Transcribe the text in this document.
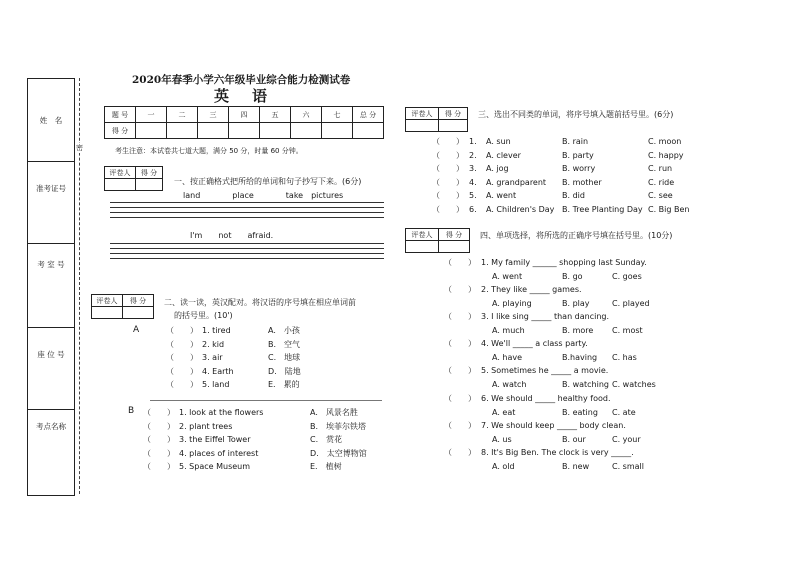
姓　名
准考证号
考 室 号
座 位 号
考点名称
密
2020年春季小学六年级毕业综合能力检测试卷
英　语
题 号	一	二	三	四	五	六	七	总 分
得 分								
考生注意：本试卷共七道大题，满分 50 分，时量 60 分钟。
评卷人	得 分

一、按正确格式把所给的单词和句子抄写下来。(6分)
land　　　　place　　　　take　pictures
I'm　　not　　afraid.
评卷人	得 分
	二、读一读，英汉配对。将汉语的序号填在相应单词前
的括号里。(10')
A	（　　） 1. tired	A.　小孩
（　　） 2. kid	B.　空气
（　　） 3. air	C.　地球
（　　） 4. Earth	D.　陆地
（　　） 5. land	E.　累的
B （　　） 1. look at the flowers	A.　风景名胜
（　　） 2. plant trees	B.　埃菲尔铁塔
（　　） 3. the Eiffel Tower	C.　赏花
（　　） 4. places of interest	D.　太空博物馆
（　　） 5. Space Museum	E.　植树
评卷人	得 分
	三、选出不同类的单词，将序号填入题前括号里。(6分)
（　　） 1. A. sun	B. rain	C. moon
（　　） 2. A. clever	B. party	C. happy
（　　） 3. A. jog	B. worry	C. run
（　　） 4. A. grandparent B. mother	C. ride
（　　） 5. A. went	B. did	C. see
（　　） 6. A. Children's Day B. Tree Planting Day C. Big Ben
评卷人	得 分
	四、单项选择，将所选的正确序号填在括号里。(10分)
（　　） 1. My family ______ shopping last Sunday.
A. went	B. go	C. goes
（　　） 2. They like _____ games.
A. playing	B. play	C. played
（　　） 3. I like sing _____ than dancing.
A. much	B. more C. most
（　　） 4. We'll _____ a class party.
A. have	B.having C. has
（　　） 5. Sometimes he _____ a movie.
A. watch	B. watching C. watches
（　　） 6. We should _____ healthy food.
A. eat	B. eating C. ate
（　　） 7. We should keep _____ body clean.
A. us	B. our	C. your
（　　） 8. It's Big Ben. The clock is very _____.
A. old	B. new	C. small
